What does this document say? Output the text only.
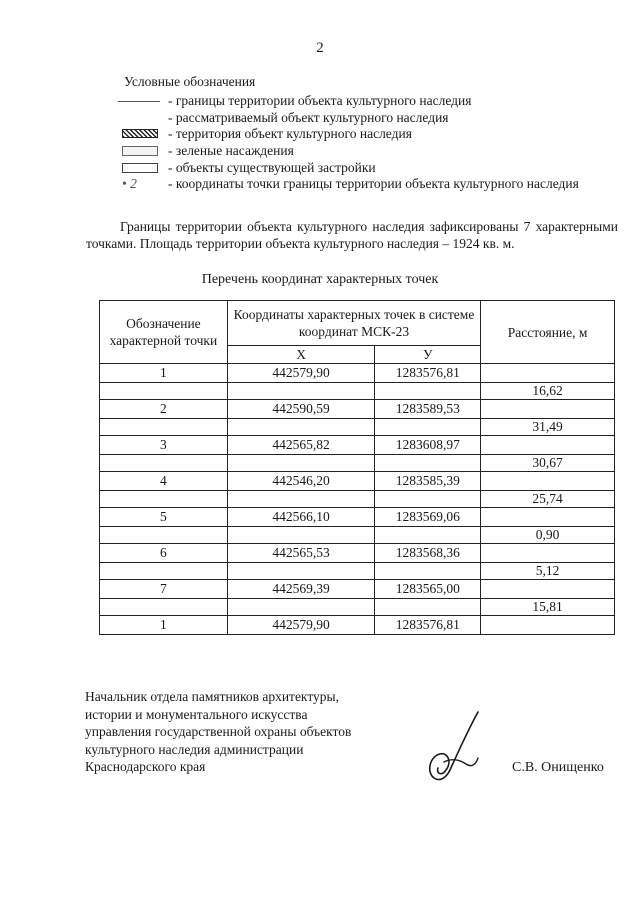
2
Условные обозначения
- границы территории объекта культурного наследия
- рассматриваемый объект культурного наследия
- территория объект культурного наследия
- зеленые насаждения
- объекты существующей застройки
• 2 - координаты точки границы территории объекта культурного наследия
Границы территории объекта культурного наследия зафиксированы 7 характерными точками. Площадь территории объекта культурного наследия – 1924 кв. м.
Перечень координат характерных точек
Обозначение характерной точки	Координаты характерных точек в системе координат МСК-23		Расстояние, м
	X	У	
1	442579,90	1283576,81	
			16,62
2	442590,59	1283589,53	
			31,49
3	442565,82	1283608,97	
			30,67
4	442546,20	1283585,39	
			25,74
5	442566,10	1283569,06	
			0,90
6	442565,53	1283568,36	
			5,12
7	442569,39	1283565,00	
			15,81
1	442579,90	1283576,81	
Начальник отдела памятников архитектуры,
истории и монументального искусства
управления государственной охраны объектов
культурного наследия администрации
Краснодарского края	С.В. Онищенко
